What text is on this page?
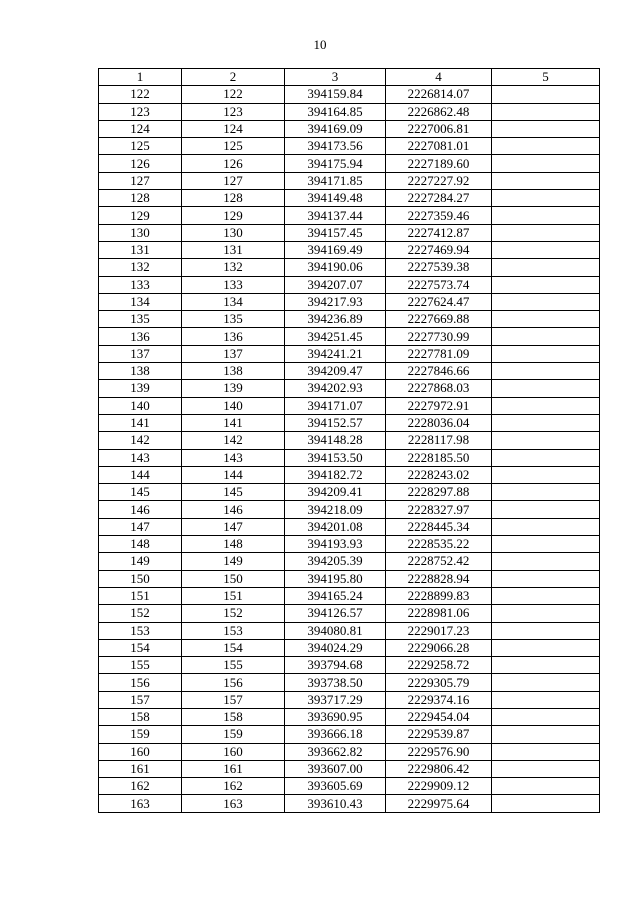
10
1	2	3	4	5
122	122	394159.84	2226814.07	
123	123	394164.85	2226862.48	
124	124	394169.09	2227006.81	
125	125	394173.56	2227081.01	
126	126	394175.94	2227189.60	
127	127	394171.85	2227227.92	
128	128	394149.48	2227284.27	
129	129	394137.44	2227359.46	
130	130	394157.45	2227412.87	
131	131	394169.49	2227469.94	
132	132	394190.06	2227539.38	
133	133	394207.07	2227573.74	
134	134	394217.93	2227624.47	
135	135	394236.89	2227669.88	
136	136	394251.45	2227730.99	
137	137	394241.21	2227781.09	
138	138	394209.47	2227846.66	
139	139	394202.93	2227868.03	
140	140	394171.07	2227972.91	
141	141	394152.57	2228036.04	
142	142	394148.28	2228117.98	
143	143	394153.50	2228185.50	
144	144	394182.72	2228243.02	
145	145	394209.41	2228297.88	
146	146	394218.09	2228327.97	
147	147	394201.08	2228445.34	
148	148	394193.93	2228535.22	
149	149	394205.39	2228752.42	
150	150	394195.80	2228828.94	
151	151	394165.24	2228899.83	
152	152	394126.57	2228981.06	
153	153	394080.81	2229017.23	
154	154	394024.29	2229066.28	
155	155	393794.68	2229258.72	
156	156	393738.50	2229305.79	
157	157	393717.29	2229374.16	
158	158	393690.95	2229454.04	
159	159	393666.18	2229539.87	
160	160	393662.82	2229576.90	
161	161	393607.00	2229806.42	
162	162	393605.69	2229909.12	
163	163	393610.43	2229975.64	
